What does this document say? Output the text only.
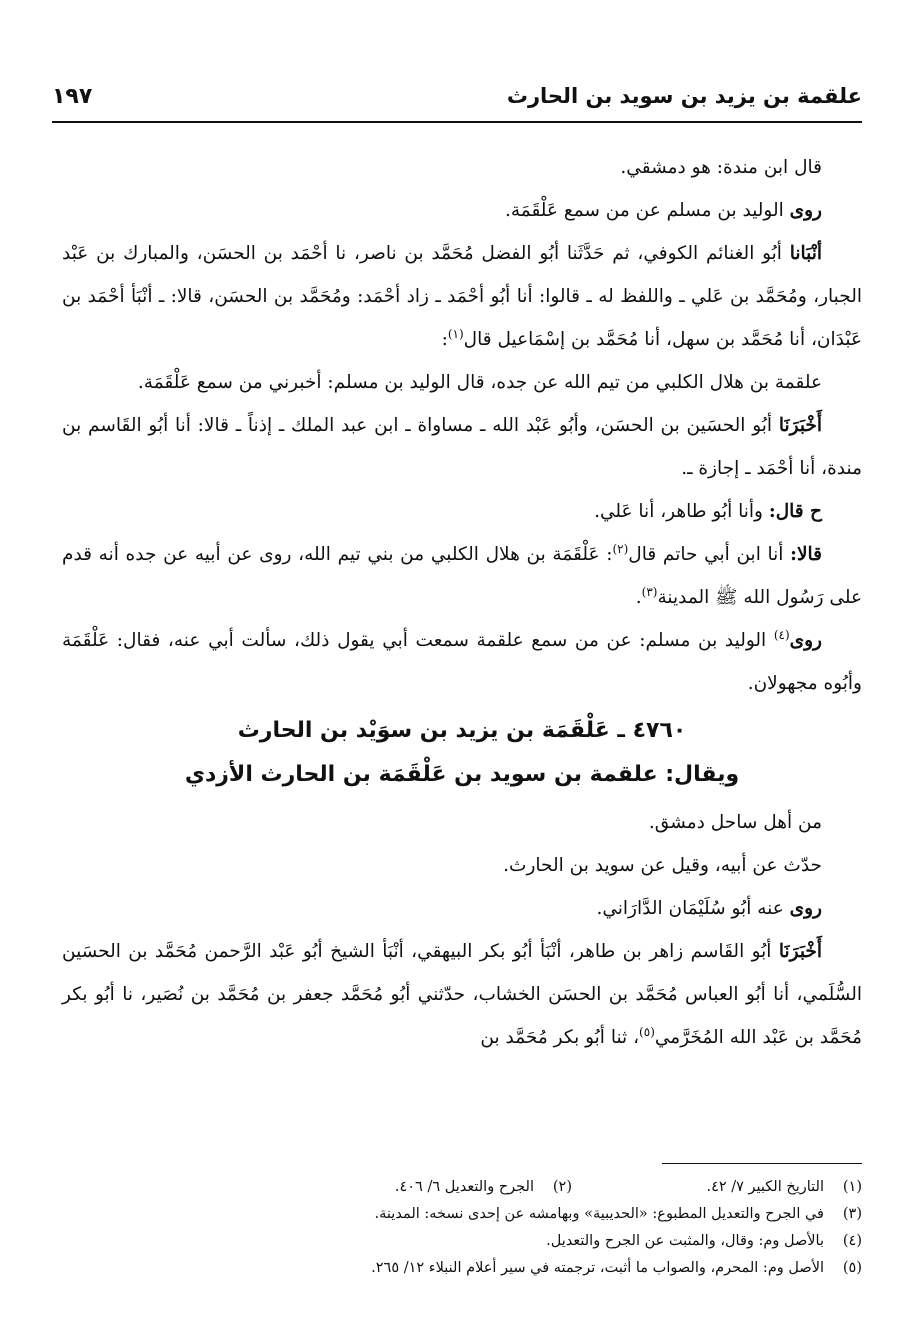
علقمة بن يزيد بن سويد بن الحارث
١٩٧

قال ابن مندة: هو دمشقي.

روى الوليد بن مسلم عن من سمع عَلْقَمَة.

أنْبَانا أبُو الغنائم الكوفي، ثم حَدَّثَنا أبُو الفضل مُحَمَّد بن ناصر، نا أحْمَد بن الحسَن، والمبارك بن عَبْد الجبار، ومُحَمَّد بن عَلي ـ واللفظ له ـ قالوا: أنا أبُو أحْمَد ـ زاد أحْمَد: ومُحَمَّد بن الحسَن، قالا: ـ أنْبَأ أحْمَد بن عَبْدَان، أنا مُحَمَّد بن سهل، أنا مُحَمَّد بن إسْمَاعيل قال$^{(١)}$:

علقمة بن هلال الكلبي من تيم الله عن جده، قال الوليد بن مسلم: أخبرني من سمع عَلْقَمَة.

أَخْبَرَنَا أبُو الحسَين بن الحسَن، وأبُو عَبْد الله ـ مساواة ـ ابن عبد الملك ـ إذناً ـ قالا: أنا أبُو القَاسم بن مندة، أنا أحْمَد ـ إجازة ـ.

ح قال: وأنا أبُو طاهر، أنا عَلي.

قالا: أنا ابن أبي حاتم قال$^{(٢)}$: عَلْقَمَة بن هلال الكلبي من بني تيم الله، روى عن أبيه عن جده أنه قدم على رَسُول الله ﷺ المدينة$^{(٣)}$.

روى$^{(٤)}$ الوليد بن مسلم: عن من سمع علقمة سمعت أبي يقول ذلك، سألت أبي عنه، فقال: عَلْقَمَة وأبُوه مجهولان.

٤٧٦٠ ـ عَلْقَمَة بن يزيد بن سوَيْد بن الحارث
ويقال: علقمة بن سويد بن عَلْقَمَة بن الحارث الأزدي

من أهل ساحل دمشق.

حدّث عن أبيه، وقيل عن سويد بن الحارث.

روى عنه أبُو سُلَيْمَان الدَّارَاني.

أَخْبَرَنَا أبُو القَاسم زاهر بن طاهر، أنْبَأ أبُو بكر البيهقي، أنْبَأ الشيخ أبُو عَبْد الرَّحمن مُحَمَّد بن الحسَين السُّلَمي، أنا أبُو العباس مُحَمَّد بن الحسَن الخشاب، حدّثني أبُو مُحَمَّد جعفر بن مُحَمَّد بن نُصَير، نا أبُو بكر مُحَمَّد بن عَبْد الله المُخَرَّمي$^{(٥)}$، ثنا أبُو بكر مُحَمَّد بن

(١)التاريخ الكبير ٧/ ٤٢.
(٢)الجرح والتعديل ٦/ ٤٠٦.
(٣)في الجرح والتعديل المطبوع: «الحديبية» وبهامشه عن إحدى نسخه: المدينة.
(٤)بالأصل وم: وقال، والمثبت عن الجرح والتعديل.
(٥)الأصل وم: المحرم، والصواب ما أثبت، ترجمته في سير أعلام النبلاء ١٢/ ٢٦٥.
